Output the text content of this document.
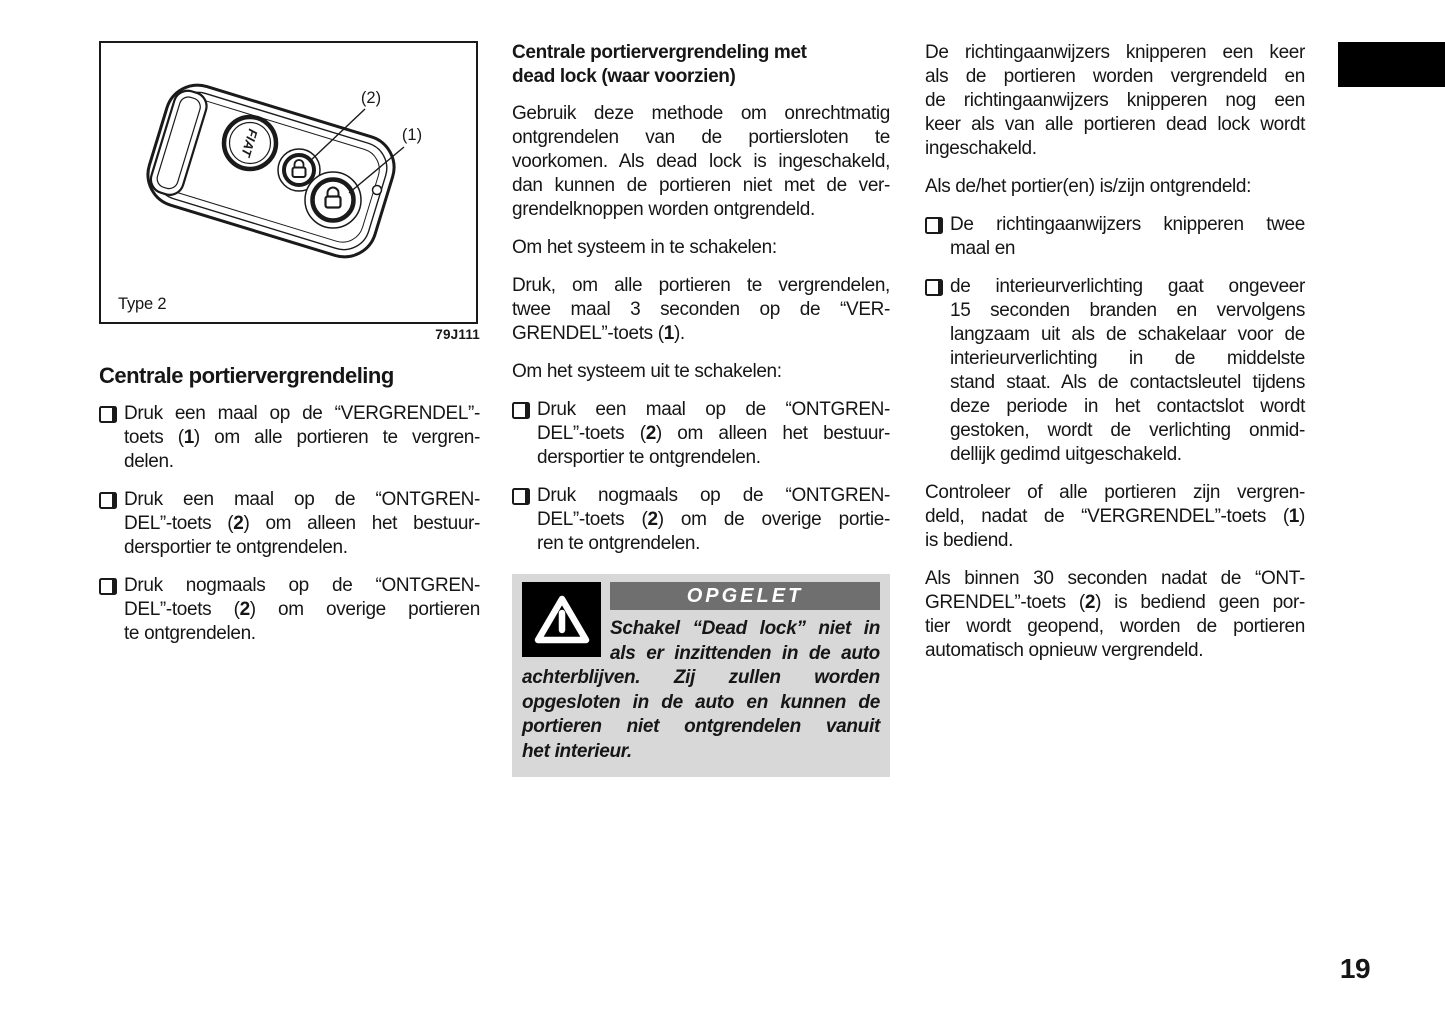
FIAT
(2)
(1)
Type 2
79J111
Centrale portiervergrendeling
Druk een maal op de “VERGRENDEL”-
toets (1) om alle portieren te vergren-
delen.
Druk een maal op de “ONTGREN-
DEL”-toets (2) om alleen het bestuur-
dersportier te ontgrendelen.
Druk nogmaals op de “ONTGREN-
DEL”-toets (2) om overige portieren
te ontgrendelen.
Centrale portiervergrendeling met
dead lock (waar voorzien)
Gebruik deze methode om onrechtmatig
ontgrendelen van de portiersloten te
voorkomen. Als dead lock is ingeschakeld,
dan kunnen de portieren niet met de ver-
grendelknoppen worden ontgrendeld.
Om het systeem in te schakelen:
Druk, om alle portieren te vergrendelen,
twee maal 3 seconden op de “VER-
GRENDEL”-toets (1).
Om het systeem uit te schakelen:
Druk een maal op de “ONTGREN-
DEL”-toets (2) om alleen het bestuur-
dersportier te ontgrendelen.
Druk nogmaals op de “ONTGREN-
DEL”-toets (2) om de overige portie-
ren te ontgrendelen.
OPGELET
Schakel “Dead lock” niet in
als er inzittenden in de auto
achterblijven. Zij zullen worden
opgesloten in de auto en kunnen de
portieren niet ontgrendelen vanuit
het interieur.
De richtingaanwijzers knipperen een keer
als de portieren worden vergrendeld en
de richtingaanwijzers knipperen nog een
keer als van alle portieren dead lock wordt
ingeschakeld.
Als de/het portier(en) is/zijn ontgrendeld:
De richtingaanwijzers knipperen twee
maal en
de interieurverlichting gaat ongeveer
15 seconden branden en vervolgens
langzaam uit als de schakelaar voor de
interieurverlichting in de middelste
stand staat. Als de contactsleutel tijdens
deze periode in het contactslot wordt
gestoken, wordt de verlichting onmid-
dellijk gedimd uitgeschakeld.
Controleer of alle portieren zijn vergren-
deld, nadat de “VERGRENDEL”-toets (1)
is bediend.
Als binnen 30 seconden nadat de “ONT-
GRENDEL”-toets (2) is bediend geen por-
tier wordt geopend, worden de portieren
automatisch opnieuw vergrendeld.
19
